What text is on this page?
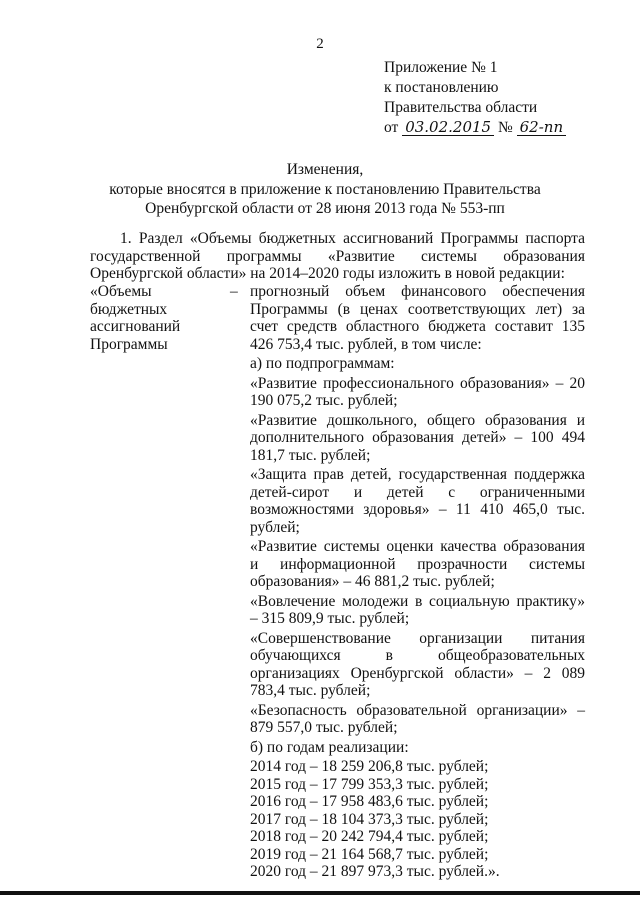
2
Приложение № 1
к постановлению
Правительства области
от 03.02.2015 № 62-пп
Изменения,
которые вносятся в приложение к постановлению Правительства
Оренбургской области от 28 июня 2013 года № 553-пп
1. Раздел «Объемы бюджетных ассигнований Программы паспорта государственной программы «Развитие системы образования Оренбургской области» на 2014–2020 годы изложить в новой редакции:
«Объемы бюджетных ассигнований Программы
– прогнозный объем финансового обеспечения Программы (в ценах соответствующих лет) за счет средств областного бюджета составит 135 426 753,4 тыс. рублей, в том числе:

а) по подпрограммам:

«Развитие профессионального образования» – 20 190 075,2 тыс. рублей;

«Развитие дошкольного, общего образования и дополнительного образования детей» – 100 494 181,7 тыс. рублей;

«Защита прав детей, государственная поддержка детей-сирот и детей с ограниченными возможностями здоровья» – 11 410 465,0 тыс. рублей;

«Развитие системы оценки качества образования и информационной прозрачности системы образования» – 46 881,2 тыс. рублей;

«Вовлечение молодежи в социальную практику» – 315 809,9 тыс. рублей;

«Совершенствование организации питания обучающихся в общеобразовательных организациях Оренбургской области» – 2 089 783,4 тыс. рублей;

«Безопасность образовательной организации» – 879 557,0 тыс. рублей;

б) по годам реализации:

2014 год – 18 259 206,8 тыс. рублей;

2015 год – 17 799 353,3 тыс. рублей;

2016 год – 17 958 483,6 тыс. рублей;

2017 год – 18 104 373,3 тыс. рублей;

2018 год – 20 242 794,4 тыс. рублей;

2019 год – 21 164 568,7 тыс. рублей;

2020 год – 21 897 973,3 тыс. рублей.».
